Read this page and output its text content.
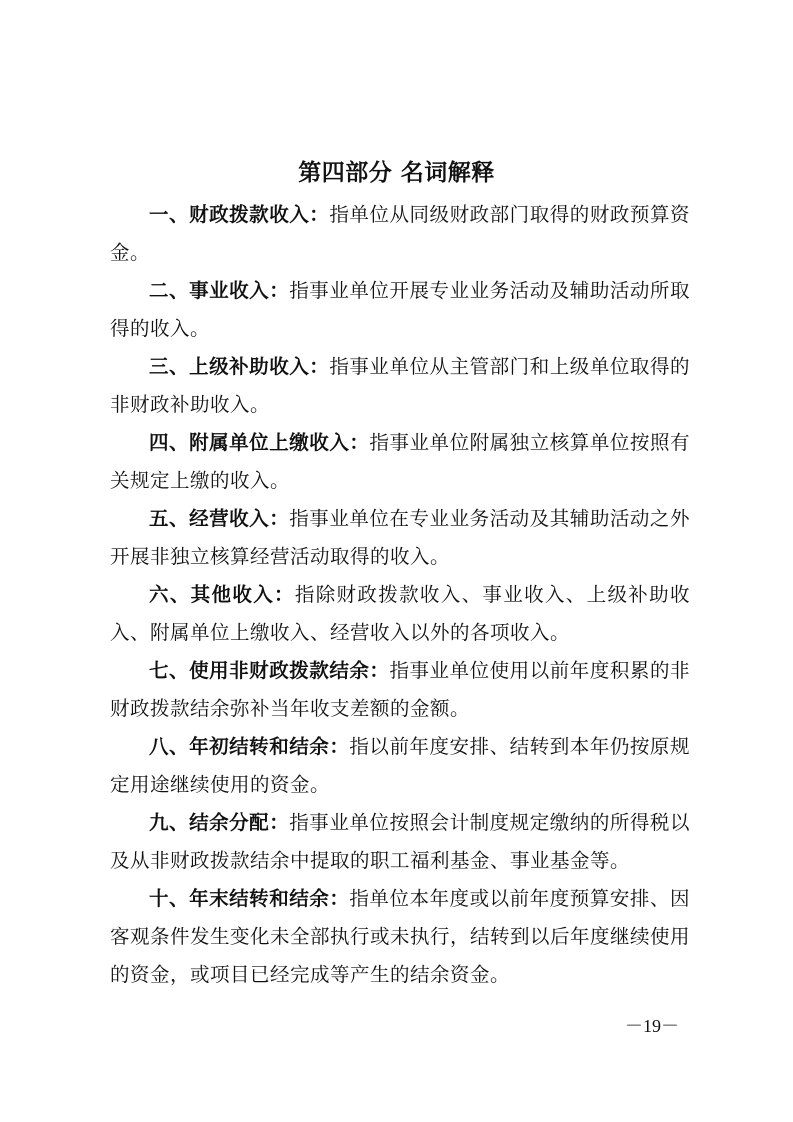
第四部分 名词解释

一、财政拨款收入：指单位从同级财政部门取得的财政预算资金。

二、事业收入：指事业单位开展专业业务活动及辅助活动所取得的收入。

三、上级补助收入：指事业单位从主管部门和上级单位取得的非财政补助收入。

四、附属单位上缴收入：指事业单位附属独立核算单位按照有关规定上缴的收入。

五、经营收入：指事业单位在专业业务活动及其辅助活动之外开展非独立核算经营活动取得的收入。

六、其他收入：指除财政拨款收入、事业收入、上级补助收入、附属单位上缴收入、经营收入以外的各项收入。

七、使用非财政拨款结余：指事业单位使用以前年度积累的非财政拨款结余弥补当年收支差额的金额。

八、年初结转和结余：指以前年度安排、结转到本年仍按原规定用途继续使用的资金。

九、结余分配：指事业单位按照会计制度规定缴纳的所得税以及从非财政拨款结余中提取的职工福利基金、事业基金等。

十、年末结转和结余：指单位本年度或以前年度预算安排、因客观条件发生变化未全部执行或未执行，结转到以后年度继续使用的资金，或项目已经完成等产生的结余资金。

－19－
